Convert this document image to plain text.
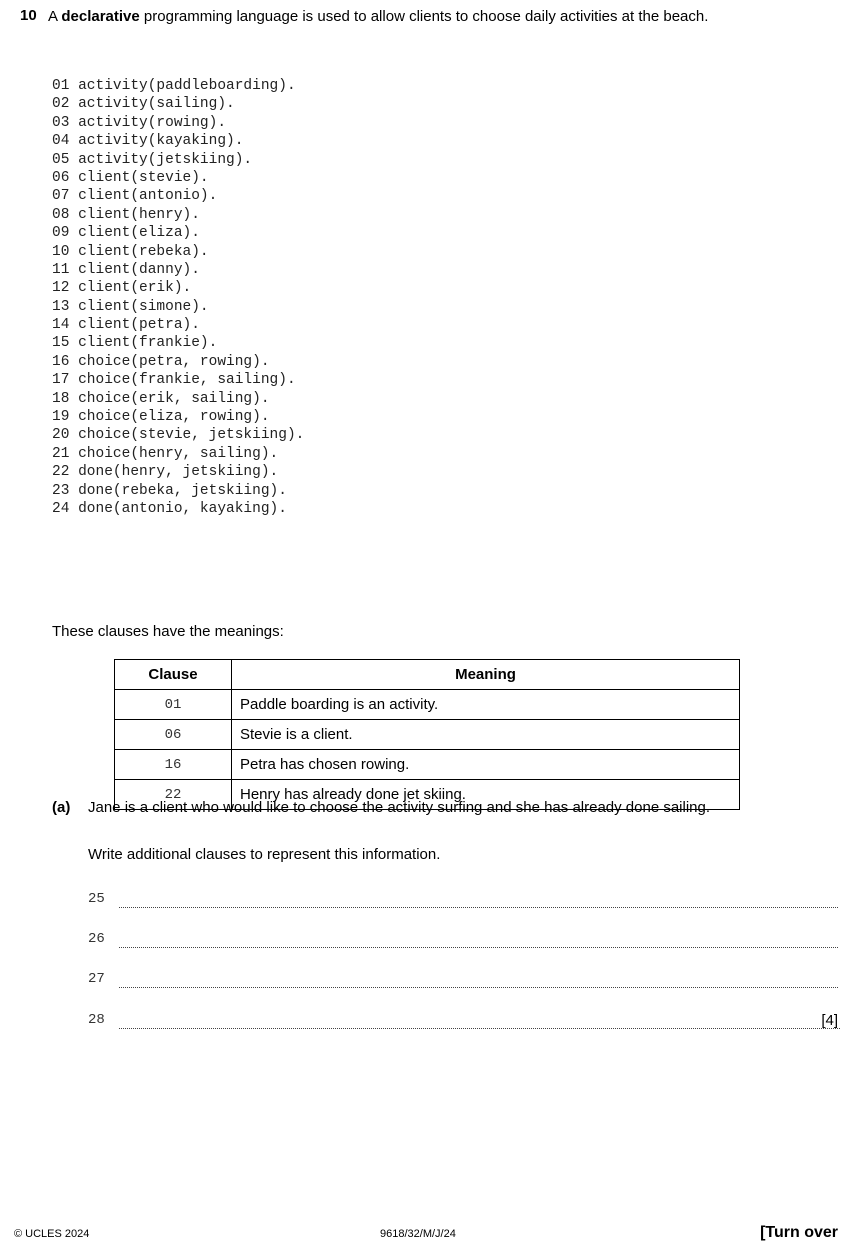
10 A declarative programming language is used to allow clients to choose daily activities at the beach.
01 activity(paddleboarding).
02 activity(sailing).
03 activity(rowing).
04 activity(kayaking).
05 activity(jetskiing).
06 client(stevie).
07 client(antonio).
08 client(henry).
09 client(eliza).
10 client(rebeka).
11 client(danny).
12 client(erik).
13 client(simone).
14 client(petra).
15 client(frankie).
16 choice(petra, rowing).
17 choice(frankie, sailing).
18 choice(erik, sailing).
19 choice(eliza, rowing).
20 choice(stevie, jetskiing).
21 choice(henry, sailing).
22 done(henry, jetskiing).
23 done(rebeka, jetskiing).
24 done(antonio, kayaking).
These clauses have the meanings:
Clause	Meaning
01	Paddle boarding is an activity.
06	Stevie is a client.
16	Petra has chosen rowing.
22	Henry has already done jet skiing.
(a) Jane is a client who would like to choose the activity surfing and she has already done sailing.
Write additional clauses to represent this information.
25
26
27
28	[4]
© UCLES 2024	9618/32/M/J/24	[Turn over
